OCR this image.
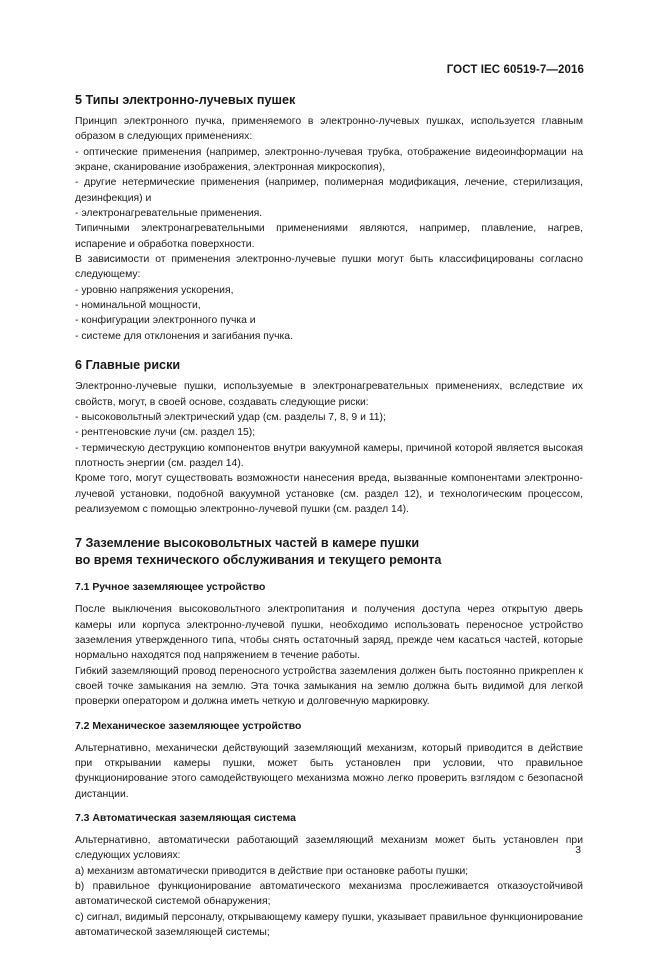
ГОСТ IEC 60519-7—2016
5 Типы электронно-лучевых пушек

Принцип электронного пучка, применяемого в электронно-лучевых пушках, используется главным образом в следующих применениях:

- оптические применения (например, электронно-лучевая трубка, отображение видеоинформации на экране, сканирование изображения, электронная микроскопия),

- другие нетермические применения (например, полимерная модификация, лечение, стерилизация, дезинфекция) и

- электронагревательные применения.

Типичными электронагревательными применениями являются, например, плавление, нагрев, испарение и обработка поверхности.

В зависимости от применения электронно-лучевые пушки могут быть классифицированы согласно следующему:

- уровню напряжения ускорения,

- номинальной мощности,

- конфигурации электронного пучка и

- системе для отклонения и загибания пучка.

6 Главные риски

Электронно-лучевые пушки, используемые в электронагревательных применениях, вследствие их свойств, могут, в своей основе, создавать следующие риски:

- высоковольтный электрический удар (см. разделы 7, 8, 9 и 11);

- рентгеновские лучи (см. раздел 15);

- термическую деструкцию компонентов внутри вакуумной камеры, причиной которой является высокая плотность энергии (см. раздел 14).

Кроме того, могут существовать возможности нанесения вреда, вызванные компонентами электронно-лучевой установки, подобной вакуумной установке (см. раздел 12), и технологическим процессом, реализуемом с помощью электронно-лучевой пушки (см. раздел 14).

7 Заземление высоковольтных частей в камере пушки
во время технического обслуживания и текущего ремонта
7.1 Ручное заземляющее устройство

После выключения высоковольтного электропитания и получения доступа через открытую дверь камеры или корпуса электронно-лучевой пушки, необходимо использовать переносное устройство заземления утвержденного типа, чтобы снять остаточный заряд, прежде чем касаться частей, которые нормально находятся под напряжением в течение работы.

Гибкий заземляющий провод переносного устройства заземления должен быть постоянно прикреплен к своей точке замыкания на землю. Эта точка замыкания на землю должна быть видимой для легкой проверки оператором и должна иметь четкую и долговечную маркировку.

7.2 Механическое заземляющее устройство

Альтернативно, механически действующий заземляющий механизм, который приводится в действие при открывании камеры пушки, может быть установлен при условии, что правильное функционирование этого самодействующего механизма можно легко проверить взглядом с безопасной дистанции.

7.3 Автоматическая заземляющая система

Альтернативно, автоматически работающий заземляющий механизм может быть установлен при следующих условиях:

a) механизм автоматически приводится в действие при остановке работы пушки;

b) правильное функционирование автоматического механизма прослеживается отказоустойчивой автоматической системой обнаружения;

c) сигнал, видимый персоналу, открывающему камеру пушки, указывает правильное функционирование автоматической заземляющей системы;

3
